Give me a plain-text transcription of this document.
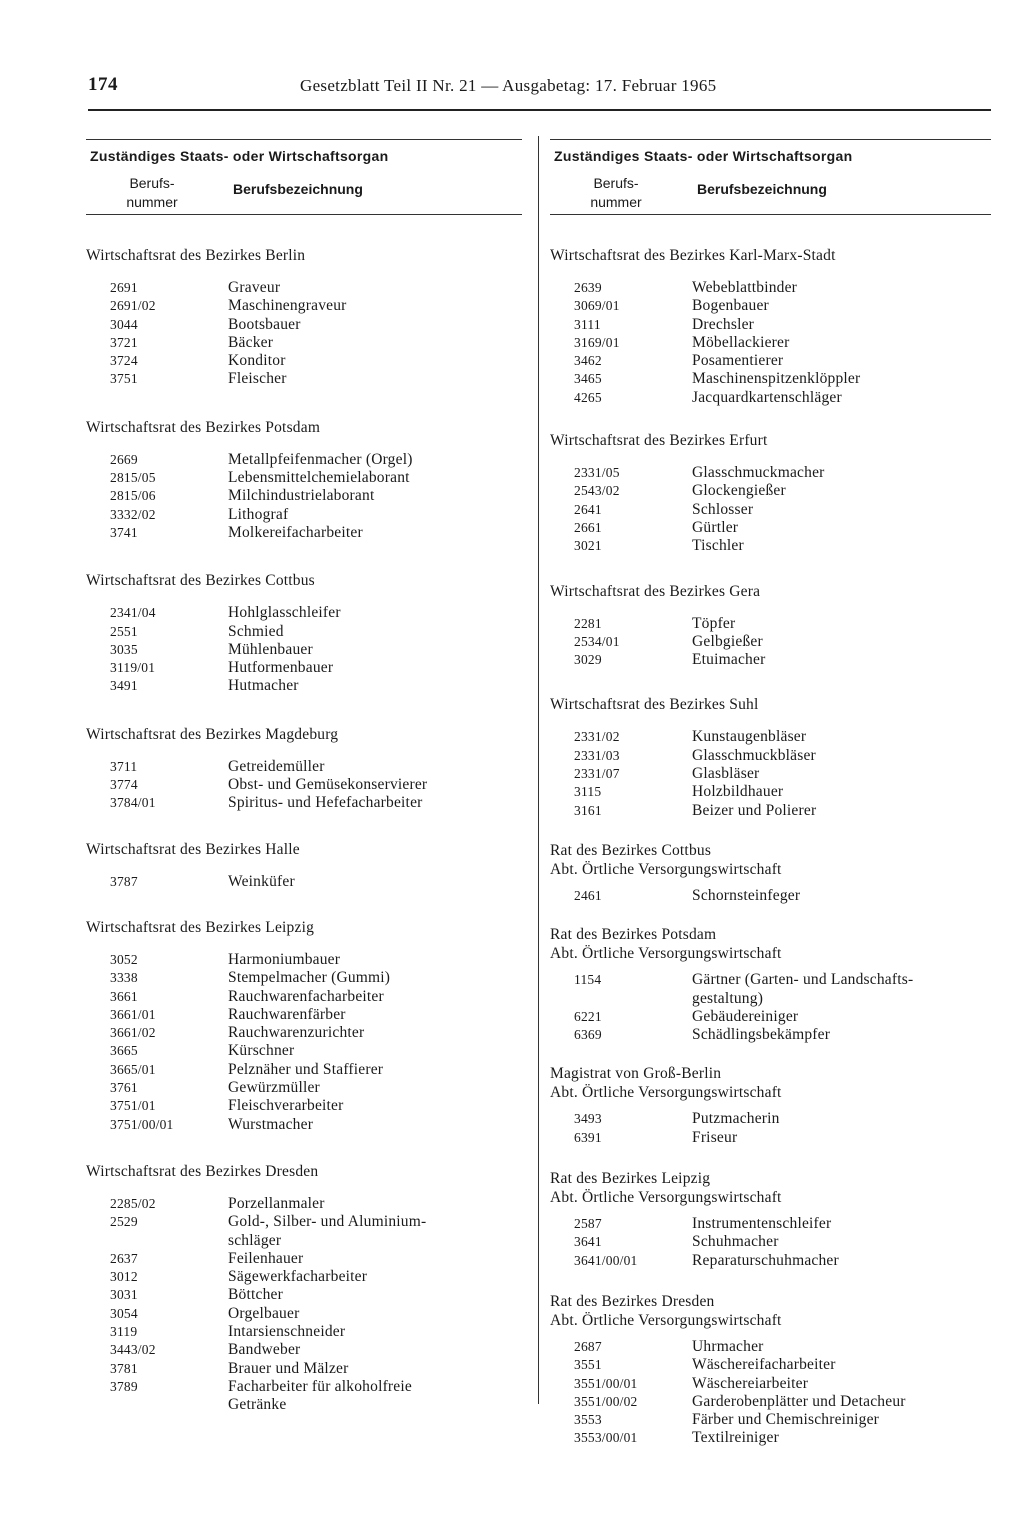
174	Gesetzblatt Teil II Nr. 21 — Ausgabetag: 17. Februar 1965
Zuständiges Staats- oder Wirtschaftsorgan
Berufs-
nummer
Berufsbezeichnung
Wirtschaftsrat des Bezirkes Berlin
2691	Graveur
2691/02	Maschinengraveur
3044	Bootsbauer
3721	Bäcker
3724	Konditor
3751	Fleischer
Wirtschaftsrat des Bezirkes Potsdam
2669	Metallpfeifenmacher (Orgel)
2815/05	Lebensmittelchemielaborant
2815/06	Milchindustrielaborant
3332/02	Lithograf
3741	Molkereifacharbeiter
Wirtschaftsrat des Bezirkes Cottbus
2341/04	Hohlglasschleifer
2551	Schmied
3035	Mühlenbauer
3119/01	Hutformenbauer
3491	Hutmacher
Wirtschaftsrat des Bezirkes Magdeburg
3711	Getreidemüller
3774	Obst- und Gemüsekonservierer
3784/01	Spiritus- und Hefefacharbeiter
Wirtschaftsrat des Bezirkes Halle
3787	Weinküfer
Wirtschaftsrat des Bezirkes Leipzig
3052	Harmoniumbauer
3338	Stempelmacher (Gummi)
3661	Rauchwarenfacharbeiter
3661/01	Rauchwarenfärber
3661/02	Rauchwarenzurichter
3665	Kürschner
3665/01	Pelznäher und Staffierer
3761	Gewürzmüller
3751/01	Fleischverarbeiter
3751/00/01	Wurstmacher
Wirtschaftsrat des Bezirkes Dresden
2285/02	Porzellanmaler
2529	Gold-, Silber- und Aluminium-
schläger
2637	Feilenhauer
3012	Sägewerkfacharbeiter
3031	Böttcher
3054	Orgelbauer
3119	Intarsienschneider
3443/02	Bandweber
3781	Brauer und Mälzer
3789	Facharbeiter für alkoholfreie
Getränke
Zuständiges Staats- oder Wirtschaftsorgan
Berufs-
nummer
Berufsbezeichnung
Wirtschaftsrat des Bezirkes Karl-Marx-Stadt
2639	Webeblattbinder
3069/01	Bogenbauer
3111	Drechsler
3169/01	Möbellackierer
3462	Posamentierer
3465	Maschinenspitzenklöppler
4265	Jacquardkartenschläger
Wirtschaftsrat des Bezirkes Erfurt
2331/05	Glasschmuckmacher
2543/02	Glockengießer
2641	Schlosser
2661	Gürtler
3021	Tischler
Wirtschaftsrat des Bezirkes Gera
2281	Töpfer
2534/01	Gelbgießer
3029	Etuimacher
Wirtschaftsrat des Bezirkes Suhl
2331/02	Kunstaugenbläser
2331/03	Glasschmuckbläser
2331/07	Glasbläser
3115	Holzbildhauer
3161	Beizer und Polierer
Rat des Bezirkes Cottbus
Abt. Örtliche Versorgungswirtschaft
2461	Schornsteinfeger
Rat des Bezirkes Potsdam
Abt. Örtliche Versorgungswirtschaft
1154	Gärtner (Garten- und Landschafts-
gestaltung)
6221	Gebäudereiniger
6369	Schädlingsbekämpfer
Magistrat von Groß-Berlin
Abt. Örtliche Versorgungswirtschaft
3493	Putzmacherin
6391	Friseur
Rat des Bezirkes Leipzig
Abt. Örtliche Versorgungswirtschaft
2587	Instrumentenschleifer
3641	Schuhmacher
3641/00/01	Reparaturschuhmacher
Rat des Bezirkes Dresden
Abt. Örtliche Versorgungswirtschaft
2687	Uhrmacher
3551	Wäschereifacharbeiter
3551/00/01	Wäschereiarbeiter
3551/00/02	Garderobenplätter und Detacheur
3553	Färber und Chemischreiniger
3553/00/01	Textilreiniger
